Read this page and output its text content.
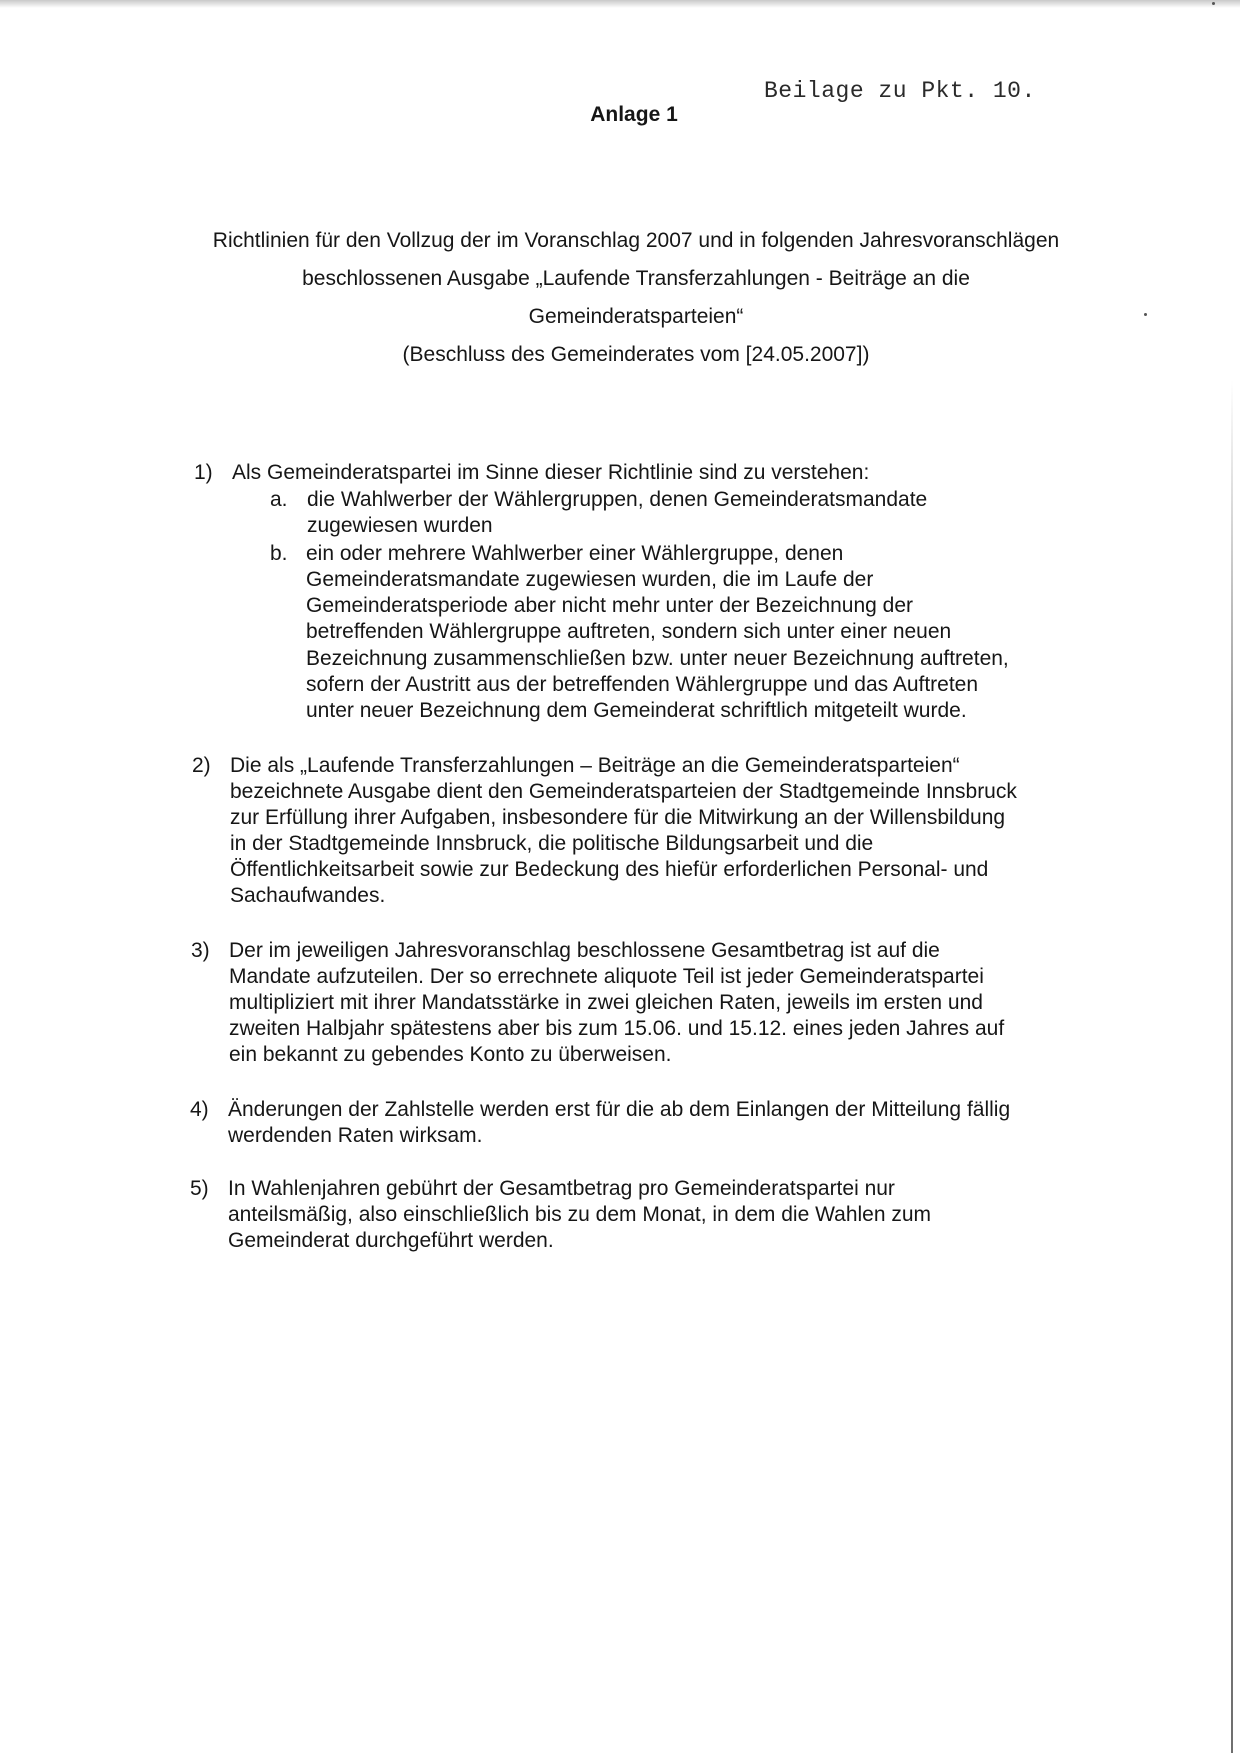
Beilage zu Pkt. 10.
Anlage 1
Richtlinien für den Vollzug der im Voranschlag 2007 und in folgenden Jahresvoranschlägen
beschlossenen Ausgabe „Laufende Transferzahlungen - Beiträge an die
Gemeinderatsparteien“
(Beschluss des Gemeinderates vom [24.05.2007])
1) Als Gemeinderatspartei im Sinne dieser Richtlinie sind zu verstehen:
a. die Wahlwerber der Wählergruppen, denen Gemeinderatsmandate
zugewiesen wurden
b. ein oder mehrere Wahlwerber einer Wählergruppe, denen
Gemeinderatsmandate zugewiesen wurden, die im Laufe der
Gemeinderatsperiode aber nicht mehr unter der Bezeichnung der
betreffenden Wählergruppe auftreten, sondern sich unter einer neuen
Bezeichnung zusammenschließen bzw. unter neuer Bezeichnung auftreten,
sofern der Austritt aus der betreffenden Wählergruppe und das Auftreten
unter neuer Bezeichnung dem Gemeinderat schriftlich mitgeteilt wurde.
2) Die als „Laufende Transferzahlungen – Beiträge an die Gemeinderatsparteien“
bezeichnete Ausgabe dient den Gemeinderatsparteien der Stadtgemeinde Innsbruck
zur Erfüllung ihrer Aufgaben, insbesondere für die Mitwirkung an der Willensbildung
in der Stadtgemeinde Innsbruck, die politische Bildungsarbeit und die
Öffentlichkeitsarbeit sowie zur Bedeckung des hiefür erforderlichen Personal- und
Sachaufwandes.
3) Der im jeweiligen Jahresvoranschlag beschlossene Gesamtbetrag ist auf die
Mandate aufzuteilen. Der so errechnete aliquote Teil ist jeder Gemeinderatspartei
multipliziert mit ihrer Mandatsstärke in zwei gleichen Raten, jeweils im ersten und
zweiten Halbjahr spätestens aber bis zum 15.06. und 15.12. eines jeden Jahres auf
ein bekannt zu gebendes Konto zu überweisen.
4) Änderungen der Zahlstelle werden erst für die ab dem Einlangen der Mitteilung fällig
werdenden Raten wirksam.
5) In Wahlenjahren gebührt der Gesamtbetrag pro Gemeinderatspartei nur
anteilsmäßig, also einschließlich bis zu dem Monat, in dem die Wahlen zum
Gemeinderat durchgeführt werden.
